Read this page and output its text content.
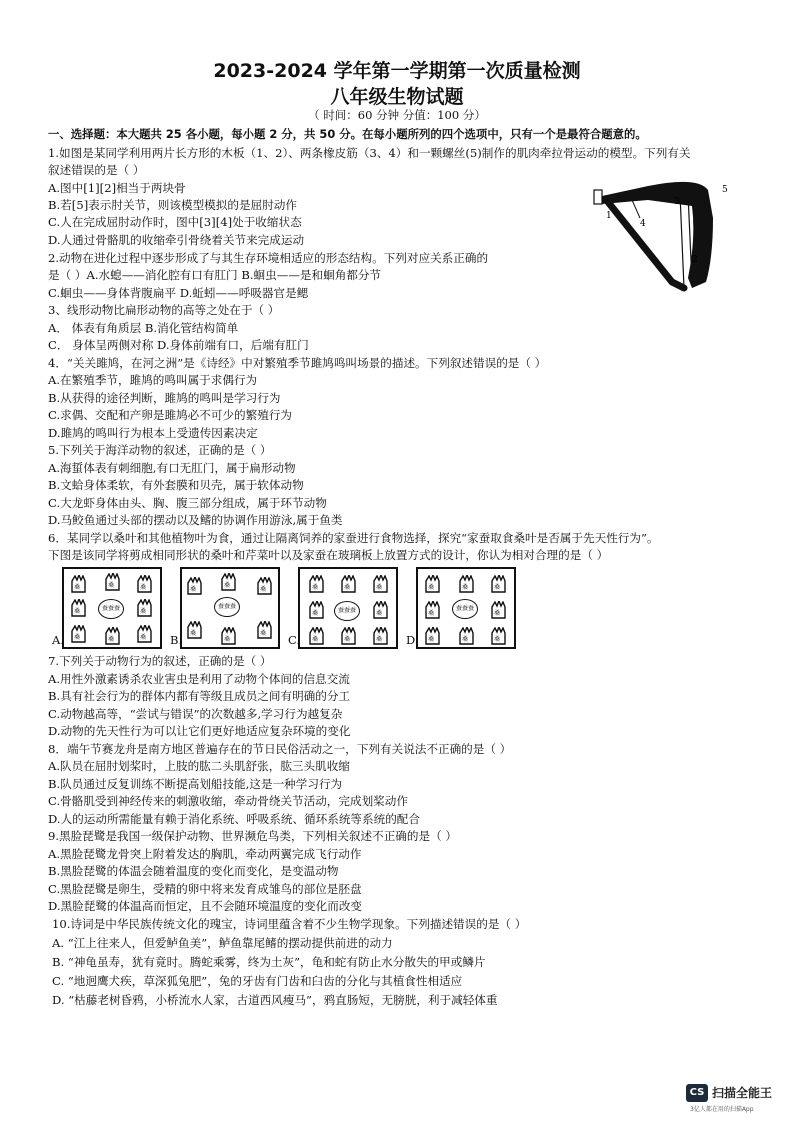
2023-2024 学年第一学期第一次质量检测
八年级生物试题
（ 时间：60 分钟 分值：100 分）
一、选择题：本大题共 25 各小题，每小题 2 分，共 50 分。在每小题所列的四个选项中，只有一个是最符合题意的。
1.如图是某同学利用两片长方形的木板（1、2）、两条橡皮筋（3、4）和一颗螺丝(5)制作的肌肉牵拉骨运动的模型。下列有关
叙述错误的是（ ）
A.图中[1][2]相当于两块骨
B.若[5]表示肘关节，则该模型模拟的是屈肘动作
C.人在完成屈肘动作时，图中[3][4]处于收缩状态
D.人通过骨骼肌的收缩牵引骨绕着关节来完成运动
5
1
4
3
2
2.动物在进化过程中逐步形成了与其生存环境相适应的形态结构。下列对应关系正确的
是（ ）A.水螅——消化腔有口有肛门 B.蛔虫——是和蛔角都分节
C.蛔虫——身体背腹扁平 D.蚯蚓——呼吸器官是鳃
3、线形动物比扁形动物的高等之处在于（ ）
A． 体表有角质层 B.消化管结构简单
C． 身体呈两侧对称 D.身体前端有口，后端有肛门
4．“关关雎鸠，在河之洲”是《诗经》中对繁殖季节雎鸠鸣叫场景的描述。下列叙述错误的是（ ）
A.在繁殖季节，雎鸠的鸣叫属于求偶行为
B.从获得的途径判断，雎鸠的鸣叫是学习行为
C.求偶、交配和产卵是雎鸠必不可少的繁殖行为
D.雎鸠的鸣叫行为根本上受遗传因素决定
5.下列关于海洋动物的叙述，正确的是（ ）
A.海蜇体表有刺细胞,有口无肛门，属于扁形动物
B.文蛤身体柔软，有外套膜和贝壳，属于软体动物
C.大龙虾身体由头、胸、腹三部分组成，属于环节动物
D.马鲛鱼通过头部的摆动以及鳍的协调作用游泳,属于鱼类
6．某同学以桑叶和其他植物叶为食，通过让隔离饲养的家蚕进行食物选择，探究“家蚕取食桑叶是否属于先天性行为”。
下图是该同学将剪成相同形状的桑叶和芹菜叶以及家蚕在玻璃板上放置方式的设计，你认为相对合理的是（ ）
桑	桑	桑
桑	桑
桑	桑	桑
蚕蚕蚕
A.
桑	桑
桑	桑
桑
桑
蚕蚕蚕
B.
桑	桑	桑
桑	桑
桑	桑	桑
蚕蚕蚕
C.
桑	桑	桑
桑	桑
桑	桑	桑
蚕蚕蚕
D.
7.下列关于动物行为的叙述，正确的是（ ）
A.用性外激素诱杀农业害虫是利用了动物个体间的信息交流
B.具有社会行为的群体内都有等级且成员之间有明确的分工
C.动物越高等，“尝试与错误”的次数越多,学习行为越复杂
D.动物的先天性行为可以让它们更好地适应复杂环境的变化
8．端午节赛龙舟是南方地区普遍存在的节日民俗活动之一，下列有关说法不正确的是（ ）
A.队员在屈肘划桨时，上肢的肱二头肌舒张，肱三头肌收缩
B.队员通过反复训练不断提高划船技能,这是一种学习行为
C.骨骼肌受到神经传来的刺激收缩，牵动骨绕关节活动，完成划桨动作
D.人的运动所需能量有赖于消化系统、呼吸系统、循环系统等系统的配合
9.黑脸琵鹭是我国一级保护动物、世界濒危鸟类，下列相关叙述不正确的是（ ）
A.黑脸琵鹭龙骨突上附着发达的胸肌，牵动两翼完成飞行动作
B.黑脸琵鹭的体温会随着温度的变化而变化，是变温动物
C.黑脸琵鹭是卵生，受精的卵中将来发育成雏鸟的部位是胚盘
D.黑脸琵鹭的体温高而恒定，且不会随环境温度的变化而改变
10.诗词是中华民族传统文化的瑰宝，诗词里蕴含着不少生物学现象。下列描述错误的是（ ）
A. “江上往来人，但爱鲈鱼美”，鲈鱼靠尾鳍的摆动提供前进的动力
B. “神龟虽寿，犹有竟时。腾蛇乘雾，终为土灰”，龟和蛇有防止水分散失的甲或鳞片
C. “地迥鹰犬疾，草深狐兔肥”，兔的牙齿有门齿和臼齿的分化与其植食性相适应
D. “枯藤老树昏鸦，小桥流水人家，古道西风瘦马”，鸦直肠短，无膀胱，利于减轻体重
CS 扫描全能王
3亿人都在用的扫描App
